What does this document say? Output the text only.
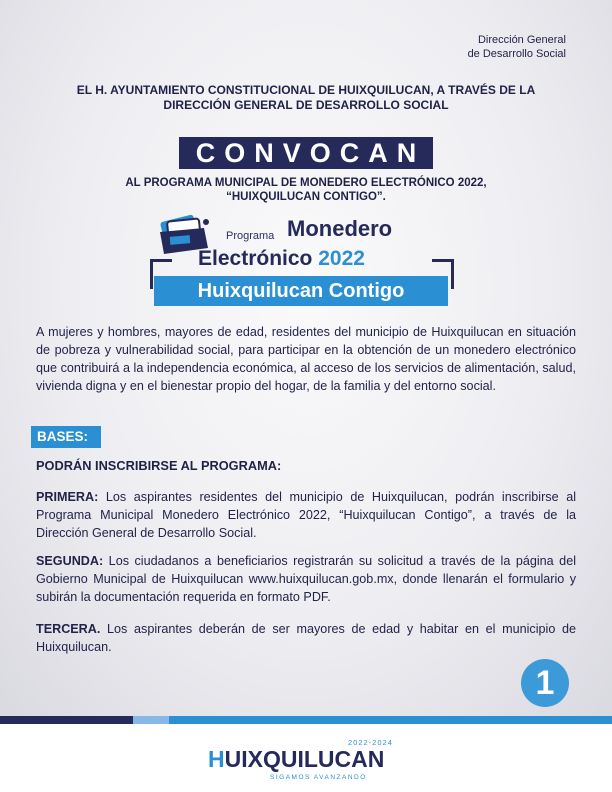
Dirección General
de Desarrollo Social
EL H. AYUNTAMIENTO CONSTITUCIONAL DE HUIXQUILUCAN, A TRAVÉS DE LA
DIRECCIÓN GENERAL DE DESARROLLO SOCIAL
CONVOCAN
AL PROGRAMA MUNICIPAL DE MONEDERO ELECTRÓNICO 2022,
“HUIXQUILUCAN CONTIGO”.
Programa Monedero
Electrónico 2022
Huixquilucan Contigo

A mujeres y hombres, mayores de edad, residentes del municipio de Huixquilucan en situación de pobreza y vulnerabilidad social, para participar en la obtención de un monedero electrónico que contribuirá a la independencia económica, al acceso de los servicios de alimentación, salud, vivienda digna y en el bienestar propio del hogar, de la familia y del entorno social.

BASES:
PODRÁN INSCRIBIRSE AL PROGRAMA:

PRIMERA: Los aspirantes residentes del municipio de Huixquilucan, podrán inscribirse al Programa Municipal Monedero Electrónico 2022, “Huixquilucan Contigo”, a través de la Dirección General de Desarrollo Social.

SEGUNDA: Los ciudadanos a beneficiarios registrarán su solicitud a través de la página del Gobierno Municipal de Huixquilucan www.huixquilucan.gob.mx, donde llenarán el formulario y subirán la documentación requerida en formato PDF.

TERCERA. Los aspirantes deberán de ser mayores de edad y habitar en el municipio de Huixquilucan.

1
2022-2024
HUIXQUILUCAN
SIGAMOS AVANZANDO
